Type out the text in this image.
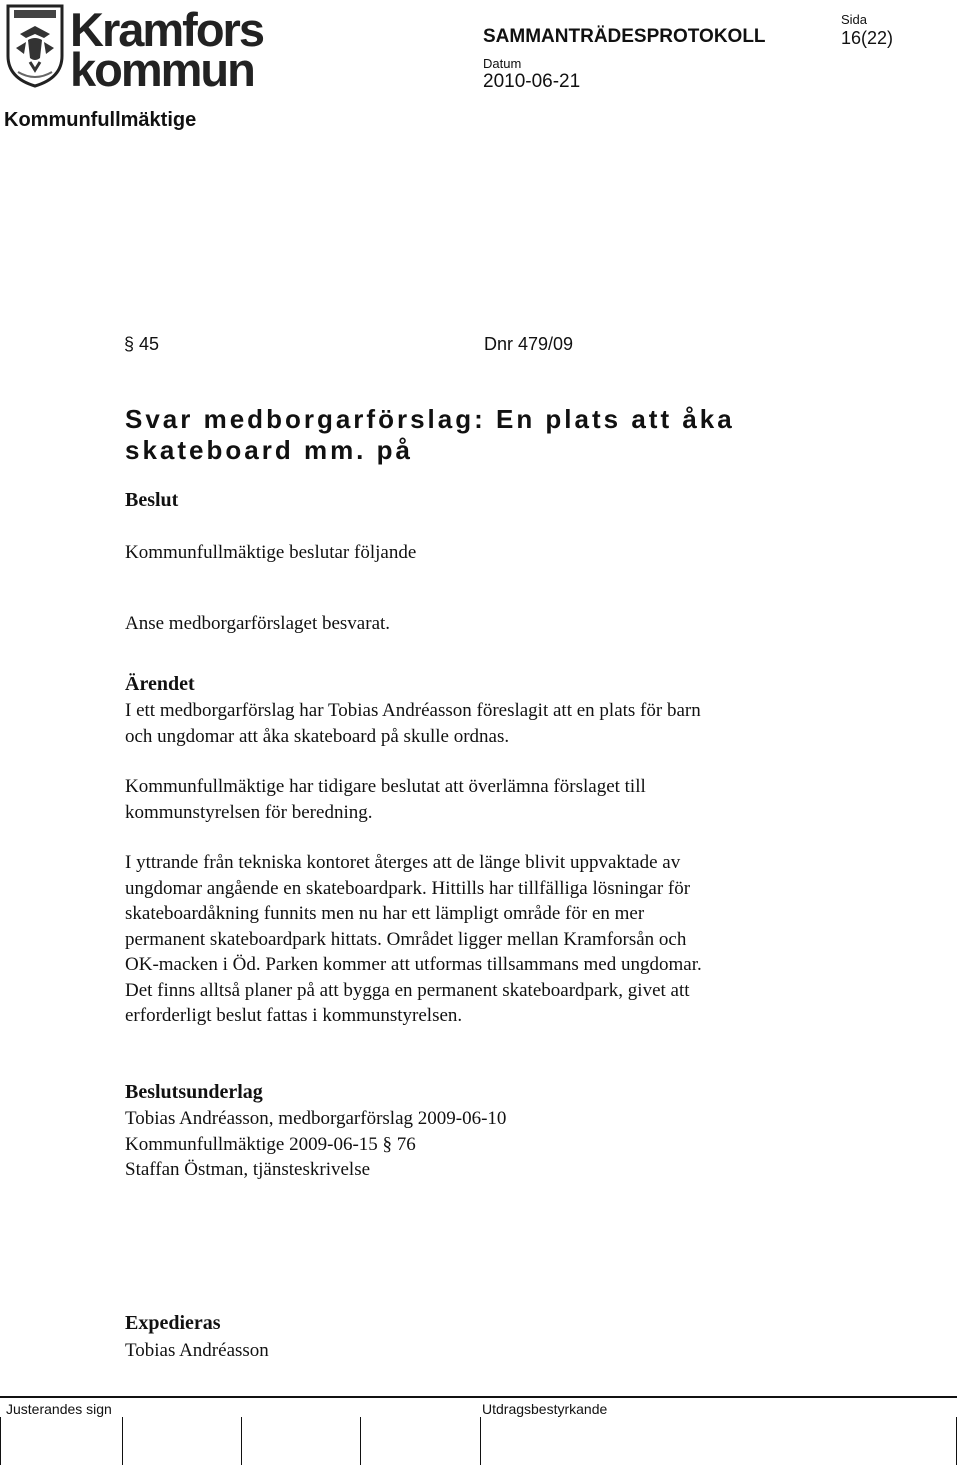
Kramfors
kommun
SAMMANTRÄDESPROTOKOLL
Sida
16(22)
Datum
2010-06-21
Kommunfullmäktige
§ 45	Dnr 479/09
Svar medborgarförslag: En plats att åka
skateboard mm. på
Beslut
Kommunfullmäktige beslutar följande
Anse medborgarförslaget besvarat.
Ärendet
I ett medborgarförslag har Tobias Andréasson föreslagit att en plats för barn
och ungdomar att åka skateboard på skulle ordnas.
Kommunfullmäktige har tidigare beslutat att överlämna förslaget till
kommunstyrelsen för beredning.
I yttrande från tekniska kontoret återges att de länge blivit uppvaktade av
ungdomar angående en skateboardpark. Hittills har tillfälliga lösningar för
skateboardåkning funnits men nu har ett lämpligt område för en mer
permanent skateboardpark hittats. Området ligger mellan Kramforsån och
OK-macken i Öd. Parken kommer att utformas tillsammans med ungdomar.
Det finns alltså planer på att bygga en permanent skateboardpark, givet att
erforderligt beslut fattas i kommunstyrelsen.
Beslutsunderlag
Tobias Andréasson, medborgarförslag 2009-06-10
Kommunfullmäktige 2009-06-15 § 76
Staffan Östman, tjänsteskrivelse
Expedieras
Tobias Andréasson
Justerandes sign	Utdragsbestyrkande
